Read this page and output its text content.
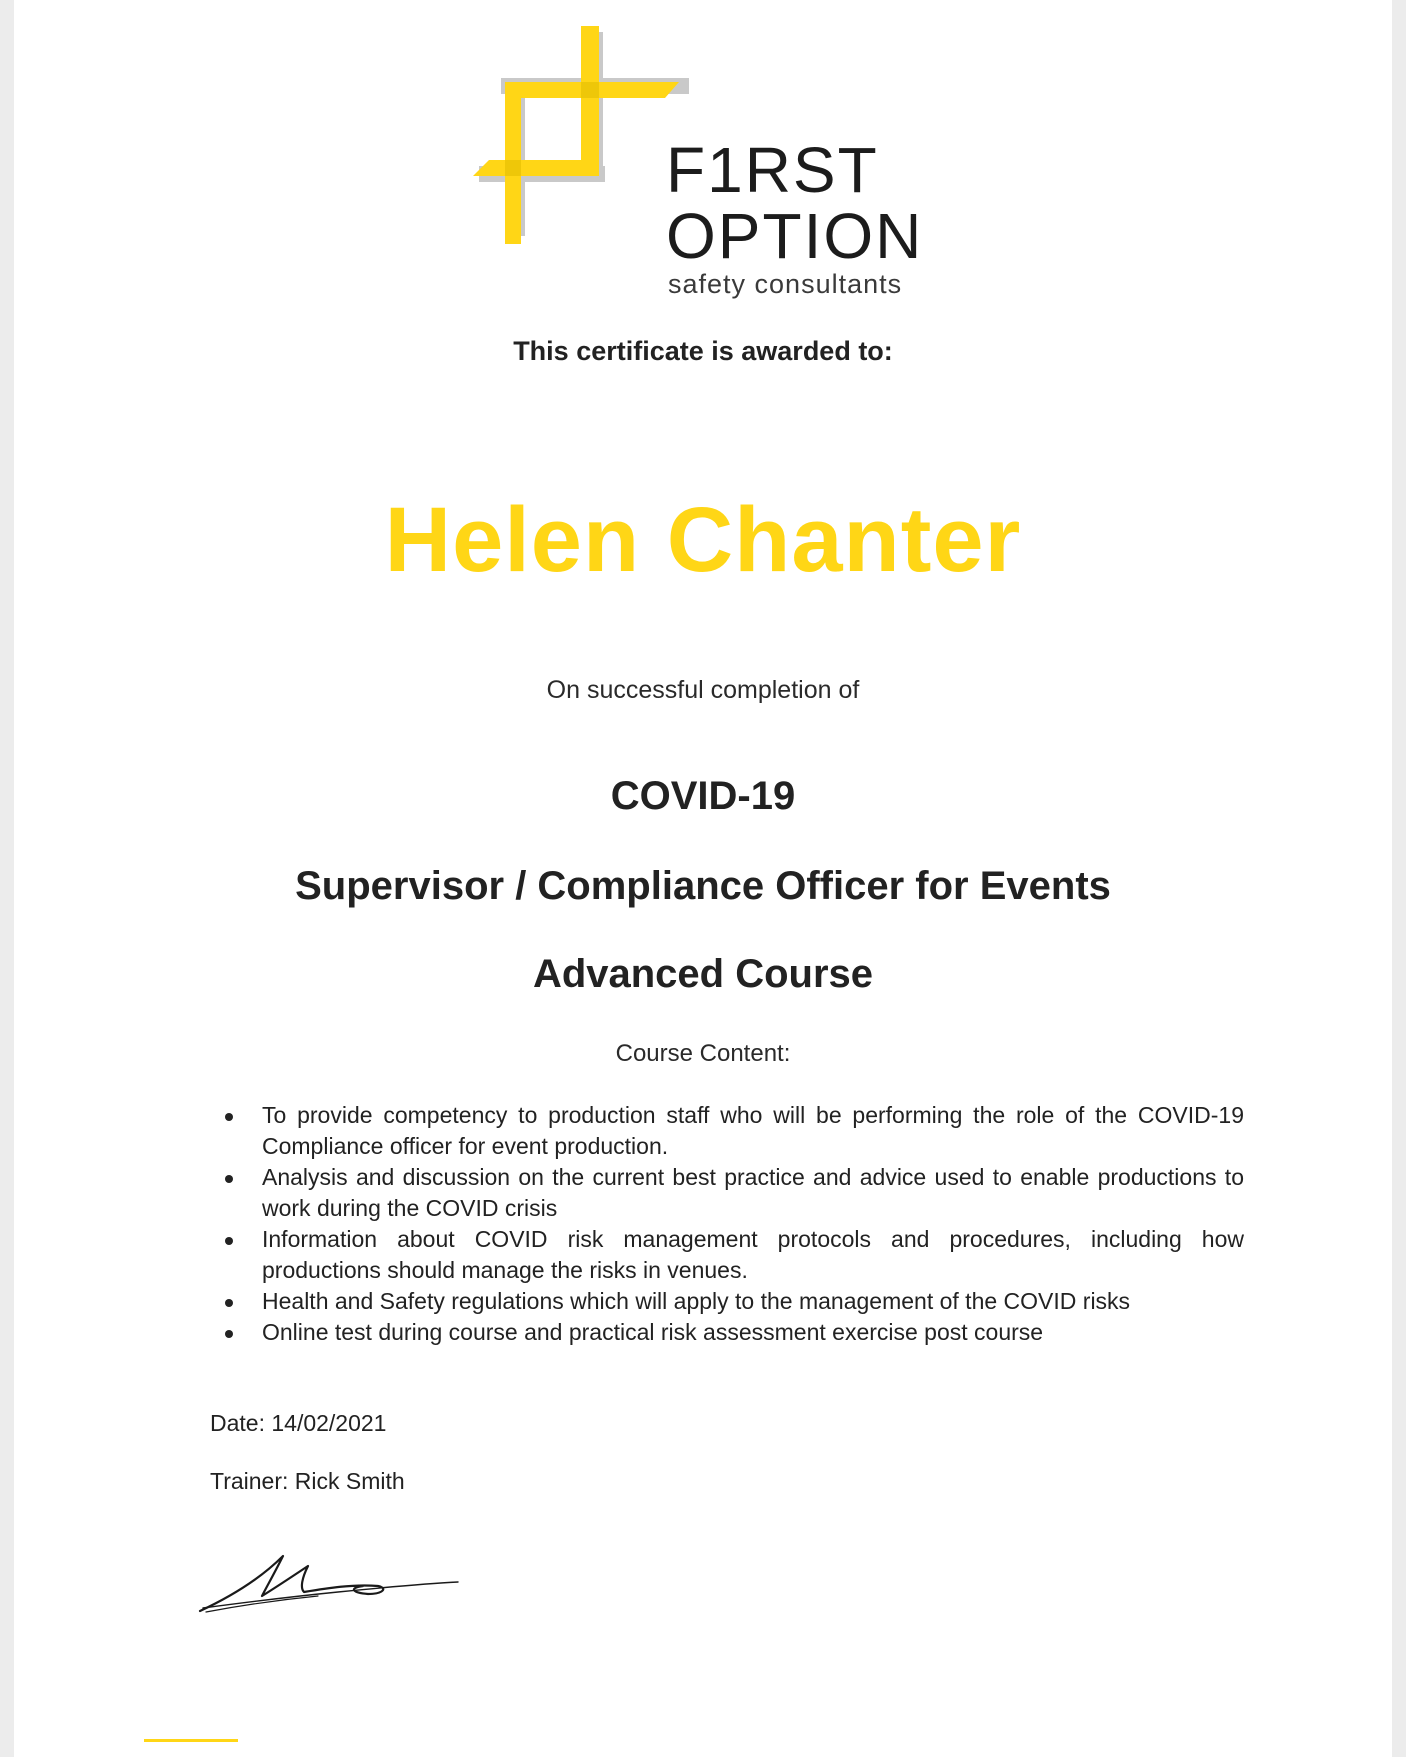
F1RST
OPTION
safety consultants
This certificate is awarded to:
Helen Chanter
On successful completion of
COVID-19
Supervisor / Compliance Officer for Events
Advanced Course
Course Content:
To provide competency to production staff who will be performing the role of the COVID-19 Compliance officer for event production.
Analysis and discussion on the current best practice and advice used to enable productions to work during the COVID crisis
Information about COVID risk management protocols and procedures, including how productions should manage the risks in venues.
Health and Safety regulations which will apply to the management of the COVID risks
Online test during course and practical risk assessment exercise post course
Date: 14/02/2021
Trainer: Rick Smith
